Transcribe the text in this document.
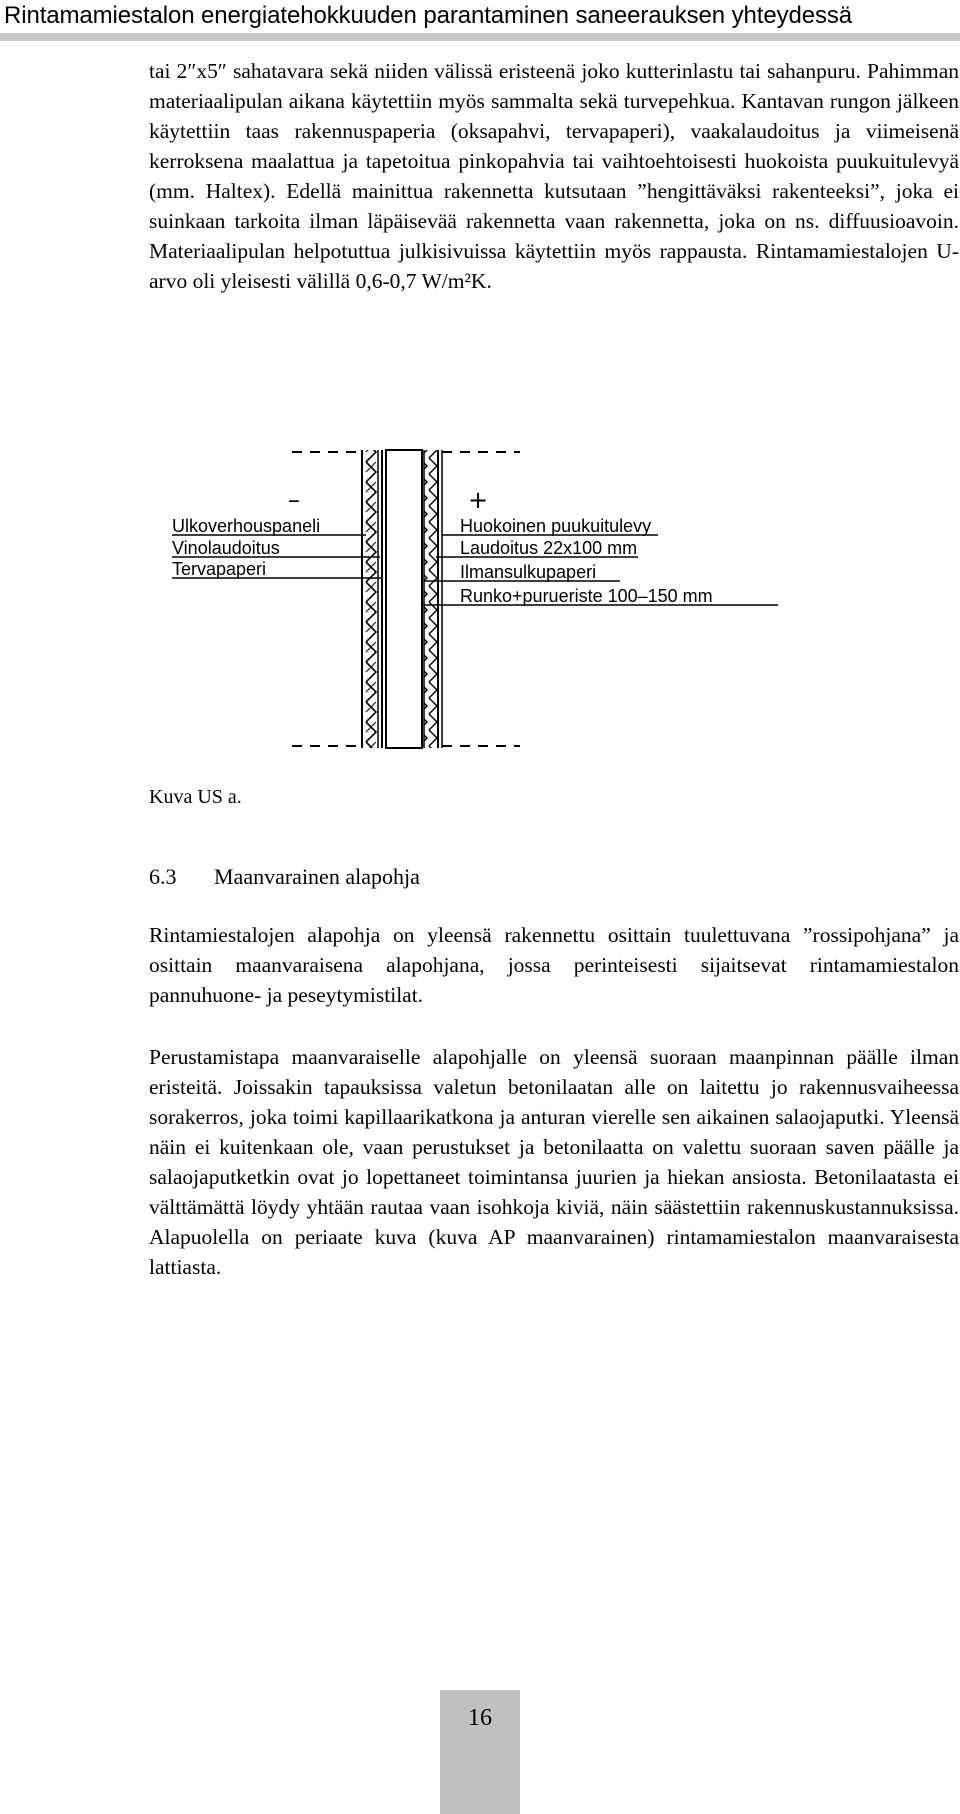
Rintamamiestalon energiatehokkuuden parantaminen saneerauksen yhteydessä

tai 2″x5″ sahatavara sekä niiden välissä eristeenä joko kutterinlastu tai sahanpuru. Pahimman materiaalipulan aikana käytettiin myös sammalta sekä turvepehkua. Kantavan rungon jälkeen käytettiin taas rakennuspaperia (oksapahvi, tervapaperi), vaakalaudoitus ja viimeisenä kerroksena maalattua ja tapetoitua pinkopahvia tai vaihtoehtoisesti huokoista puukuitulevyä (mm. Haltex). Edellä mainittua rakennetta kutsutaan ”hengittäväksi rakenteeksi”, joka ei suinkaan tarkoita ilman läpäisevää rakennetta vaan rakennetta, joka on ns. diffuusioavoin. Materiaalipulan helpotuttua julkisivuissa käytettiin myös rappausta. Rintamamiestalojen U-arvo oli yleisesti välillä 0,6-0,7 W/m²K.

–	+
Ulkoverhouspaneli
Vinolaudoitus
Tervapaperi
Huokoinen puukuitulevy
Laudoitus 22x100 mm
Ilmansulkupaperi
Runko+purueriste 100–150 mm
Kuva US a.
6.3 Maanvarainen alapohja

Rintamiestalojen alapohja on yleensä rakennettu osittain tuulettuvana ”rossipohjana” ja osittain maanvaraisena alapohjana, jossa perinteisesti sijaitsevat rintamamiestalon pannuhuone- ja peseytymistilat.

Perustamistapa maanvaraiselle alapohjalle on yleensä suoraan maanpinnan päälle ilman eristeitä. Joissakin tapauksissa valetun betonilaatan alle on laitettu jo rakennusvaiheessa sorakerros, joka toimi kapillaarikatkona ja anturan vierelle sen aikainen salaojaputki. Yleensä näin ei kuitenkaan ole, vaan perustukset ja betonilaatta on valettu suoraan saven päälle ja salaojaputketkin ovat jo lopettaneet toimintansa juurien ja hiekan ansiosta. Betonilaatasta ei välttämättä löydy yhtään rautaa vaan isohkoja kiviä, näin säästettiin rakennuskustannuksissa. Alapuolella on periaate kuva (kuva AP maanvarainen) rintamamiestalon maanvaraisesta lattiasta.

16
